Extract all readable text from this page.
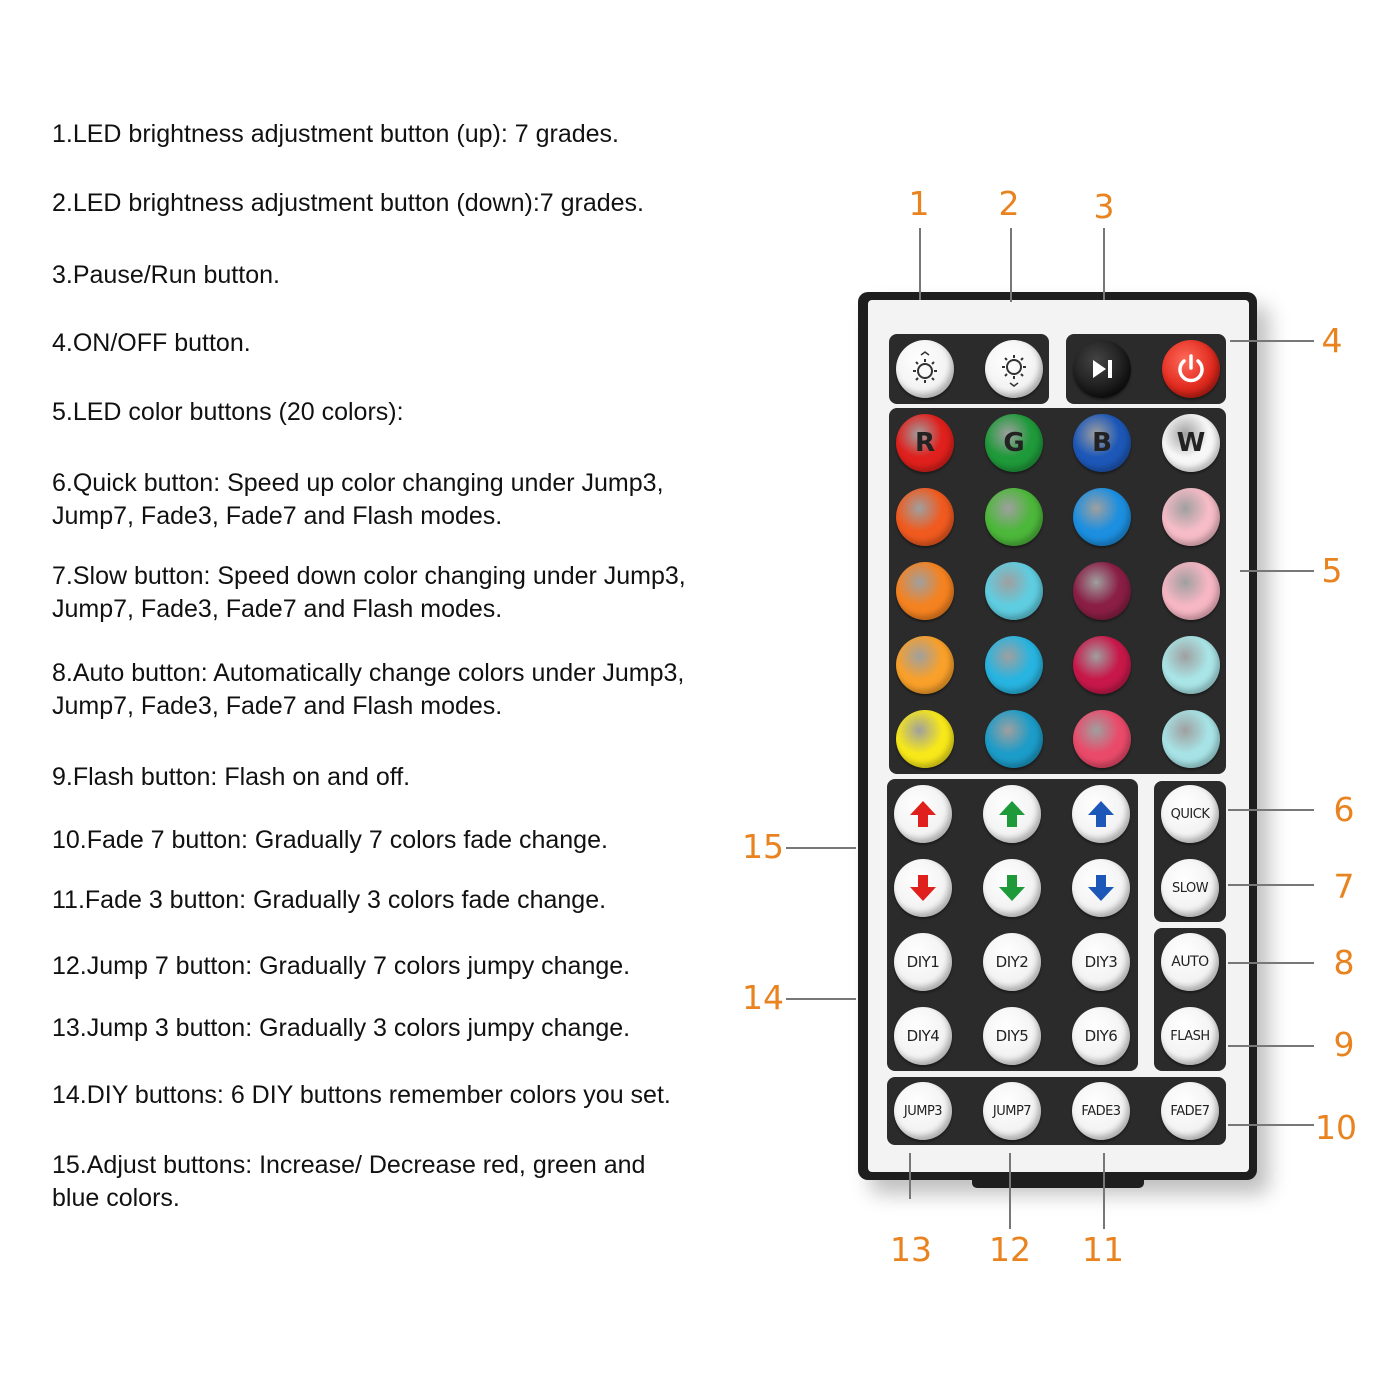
1.LED brightness adjustment button (up): 7 grades.
2.LED brightness adjustment button (down):7 grades.
3.Pause/Run button.
4.ON/OFF button.
5.LED color buttons (20 colors):
6.Quick button: Speed up color changing under Jump3,
Jump7, Fade3, Fade7 and Flash modes.
7.Slow button: Speed down color changing under Jump3,
Jump7, Fade3, Fade7 and Flash modes.
8.Auto button: Automatically change colors under Jump3,
Jump7, Fade3, Fade7 and Flash modes.
9.Flash button: Flash on and off.
10.Fade 7 button: Gradually 7 colors fade change.
11.Fade 3 button: Gradually 3 colors fade change.
12.Jump 7 button: Gradually 7 colors jumpy change.
13.Jump 3 button: Gradually 3 colors jumpy change.
14.DIY buttons: 6 DIY buttons remember colors you set.
15.Adjust buttons: Increase/ Decrease red, green and
blue colors.
R	G	B W
DIY1	DIY2	DIY3
DIY4	DIY5	DIY6
QUICK
SLOW
AUTO
FLASH
JUMP3	JUMP7	FADE3	FADE7
1	2	3
4
5
6
7
8
9
10
11
12
13
14
15
